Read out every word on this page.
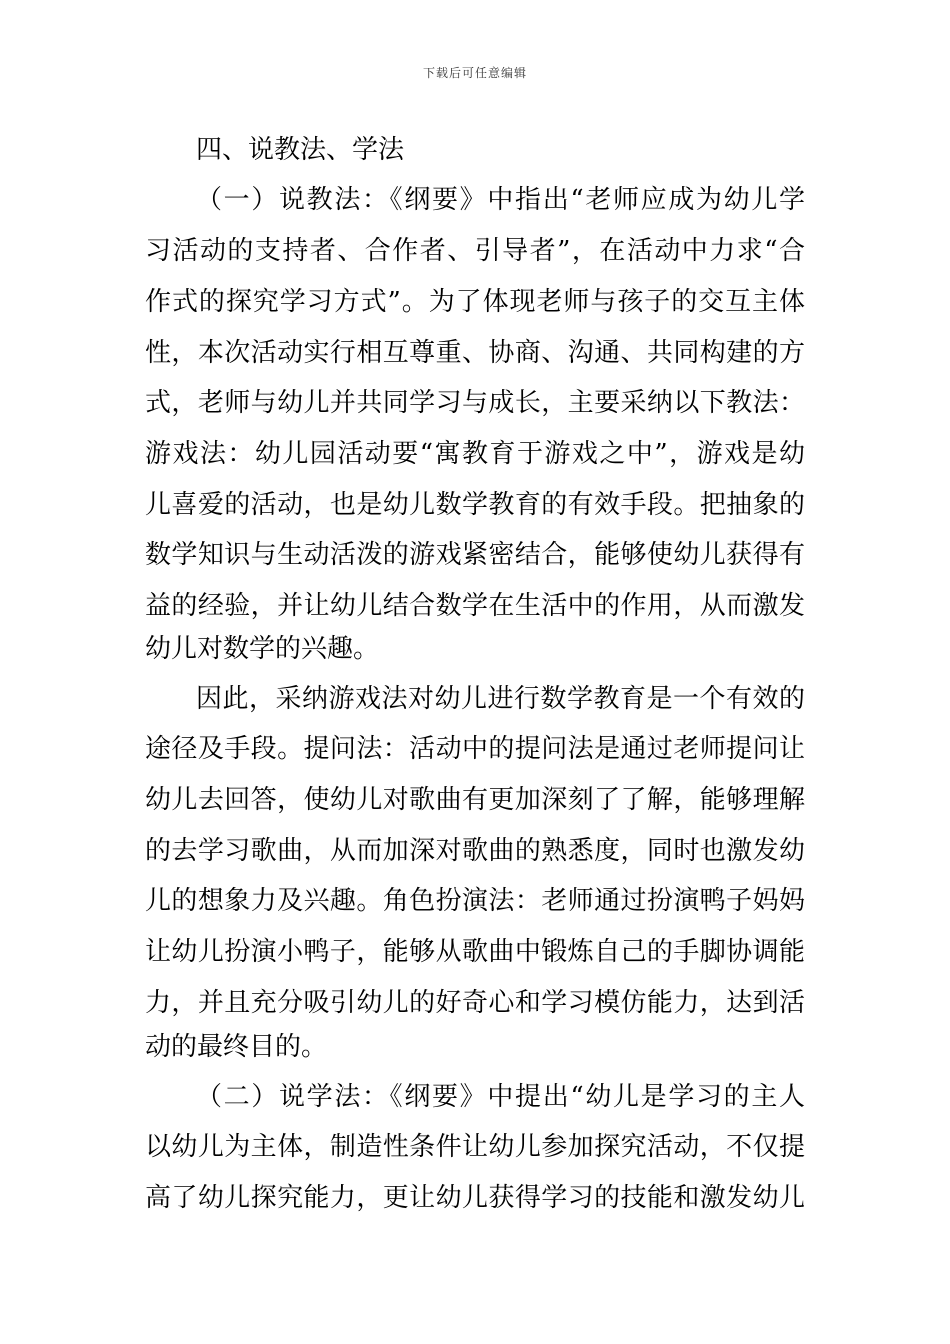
下载后可任意编辑
四、说教法、学法
（一）说教法：《纲要》中指出“老师应成为幼儿学
习活动的支持者、合作者、引导者”，在活动中力求“合
作式的探究学习方式”。为了体现老师与孩子的交互主体
性，本次活动实行相互尊重、协商、沟通、共同构建的方
式，老师与幼儿并共同学习与成长，主要采纳以下教法：
游戏法：幼儿园活动要“寓教育于游戏之中”，游戏是幼
儿喜爱的活动，也是幼儿数学教育的有效手段。把抽象的
数学知识与生动活泼的游戏紧密结合，能够使幼儿获得有
益的经验，并让幼儿结合数学在生活中的作用，从而激发
幼儿对数学的兴趣。
因此，采纳游戏法对幼儿进行数学教育是一个有效的
途径及手段。提问法：活动中的提问法是通过老师提问让
幼儿去回答，使幼儿对歌曲有更加深刻了了解，能够理解
的去学习歌曲，从而加深对歌曲的熟悉度，同时也激发幼
儿的想象力及兴趣。角色扮演法：老师通过扮演鸭子妈妈
让幼儿扮演小鸭子，能够从歌曲中锻炼自己的手脚协调能
力，并且充分吸引幼儿的好奇心和学习模仿能力，达到活
动的最终目的。
（二）说学法：《纲要》中提出“幼儿是学习的主人
以幼儿为主体，制造性条件让幼儿参加探究活动，不仅提
高了幼儿探究能力，更让幼儿获得学习的技能和激发幼儿
